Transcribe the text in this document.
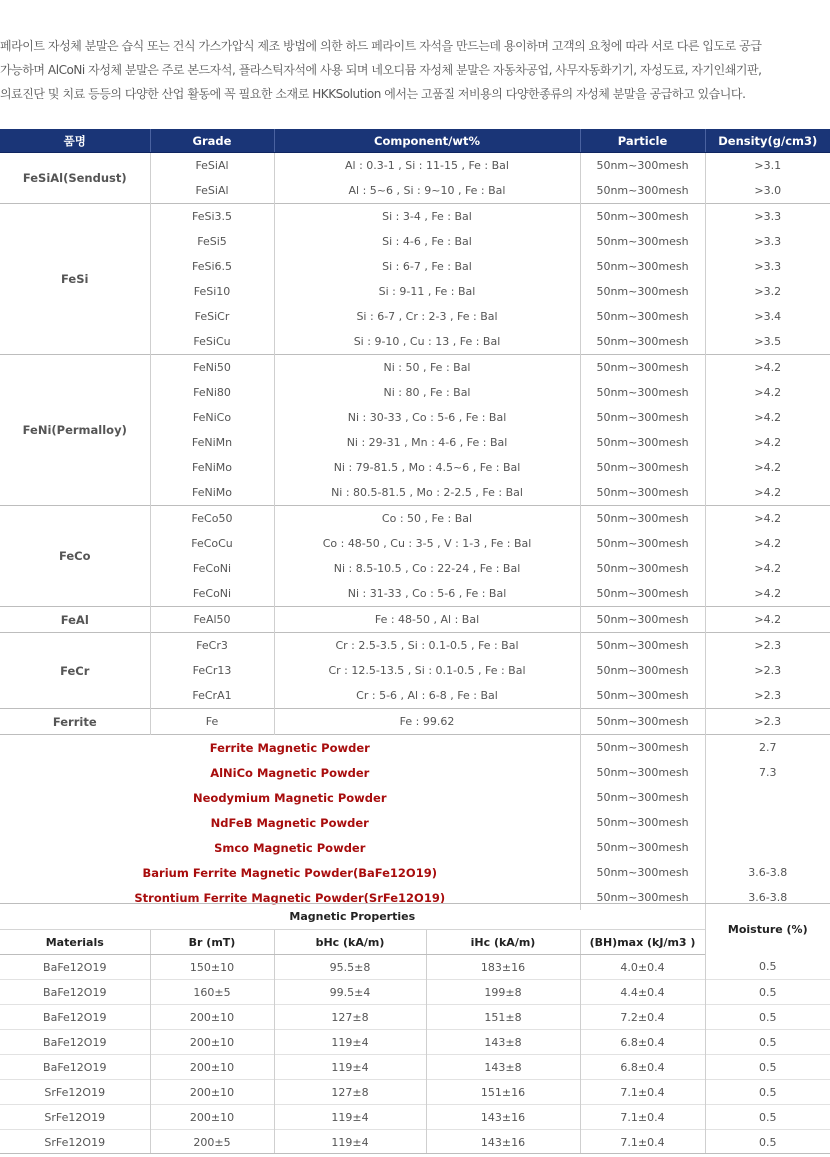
페라이트 자성체 분말은 습식 또는 건식 가스가압식 제조 방법에 의한 하드 페라이트 자석을 만드는데 용이하며 고객의 요청에 따라 서로 다른 입도로 공급
가능하며 AlCoNi 자성체 분말은 주로 본드자석, 플라스틱자석에 사용 되며 네오디뮴 자성체 분말은 자동차공업, 사무자동화기기, 자성도료, 자기인쇄기판,
의료진단 및 치료 등등의 다양한 산업 활동에 꼭 필요한 소재로 HKKSolution 에서는 고품질 저비용의 다양한종류의 자성체 분말을 공급하고 있습니다.
품명	Grade	Component/wt%	Particle	Density(g/cm3)
FeSiAl(Sendust)	FeSiAl	Al : 0.3-1 , Si : 11-15 , Fe : Bal	50nm~300mesh	>3.1
	FeSiAl	Al : 5~6 , Si : 9~10 , Fe : Bal	50nm~300mesh	>3.0
FeSi	FeSi3.5	Si : 3-4 , Fe : Bal	50nm~300mesh	>3.3
	FeSi5	Si : 4-6 , Fe : Bal	50nm~300mesh	>3.3
	FeSi6.5	Si : 6-7 , Fe : Bal	50nm~300mesh	>3.3
	FeSi10	Si : 9-11 , Fe : Bal	50nm~300mesh	>3.2
	FeSiCr	Si : 6-7 , Cr : 2-3 , Fe : Bal	50nm~300mesh	>3.4
	FeSiCu	Si : 9-10 , Cu : 13 , Fe : Bal	50nm~300mesh	>3.5
FeNi(Permalloy)	FeNi50	Ni : 50 , Fe : Bal	50nm~300mesh	>4.2
	FeNi80	Ni : 80 , Fe : Bal	50nm~300mesh	>4.2
	FeNiCo	Ni : 30-33 , Co : 5-6 , Fe : Bal	50nm~300mesh	>4.2
	FeNiMn	Ni : 29-31 , Mn : 4-6 , Fe : Bal	50nm~300mesh	>4.2
	FeNiMo	Ni : 79-81.5 , Mo : 4.5~6 , Fe : Bal	50nm~300mesh	>4.2
	FeNiMo	Ni : 80.5-81.5 , Mo : 2-2.5 , Fe : Bal	50nm~300mesh	>4.2
FeCo	FeCo50	Co : 50 , Fe : Bal	50nm~300mesh	>4.2
	FeCoCu	Co : 48-50 , Cu : 3-5 , V : 1-3 , Fe : Bal	50nm~300mesh	>4.2
	FeCoNi	Ni : 8.5-10.5 , Co : 22-24 , Fe : Bal	50nm~300mesh	>4.2
	FeCoNi	Ni : 31-33 , Co : 5-6 , Fe : Bal	50nm~300mesh	>4.2
FeAl	FeAl50	Fe : 48-50 , Al : Bal	50nm~300mesh	>4.2
FeCr	FeCr3	Cr : 2.5-3.5 , Si : 0.1-0.5 , Fe : Bal	50nm~300mesh	>2.3
	FeCr13	Cr : 12.5-13.5 , Si : 0.1-0.5 , Fe : Bal	50nm~300mesh	>2.3
	FeCrA1	Cr : 5-6 , Al : 6-8 , Fe : Bal	50nm~300mesh	>2.3
Ferrite	Fe	Fe : 99.62	50nm~300mesh	>2.3
Ferrite Magnetic Powder			50nm~300mesh	2.7
AlNiCo Magnetic Powder			50nm~300mesh	7.3
Neodymium Magnetic Powder			50nm~300mesh	
NdFeB Magnetic Powder			50nm~300mesh	
Smco Magnetic Powder			50nm~300mesh	
Barium Ferrite Magnetic Powder(BaFe12O19)			50nm~300mesh	3.6-3.8
Strontium Ferrite Magnetic Powder(SrFe12O19)			50nm~300mesh	3.6-3.8
Magnetic Properties					Moisture (%)
Materials	Br (mT)	bHc (kA/m)	iHc (kA/m)	(BH)max (kJ/m3 )	
BaFe12O19	150±10	95.5±8	183±16	4.0±0.4	0.5
BaFe12O19	160±5	99.5±4	199±8	4.4±0.4	0.5
BaFe12O19	200±10	127±8	151±8	7.2±0.4	0.5
BaFe12O19	200±10	119±4	143±8	6.8±0.4	0.5
BaFe12O19	200±10	119±4	143±8	6.8±0.4	0.5
SrFe12O19	200±10	127±8	151±16	7.1±0.4	0.5
SrFe12O19	200±10	119±4	143±16	7.1±0.4	0.5
SrFe12O19	200±5	119±4	143±16	7.1±0.4	0.5
